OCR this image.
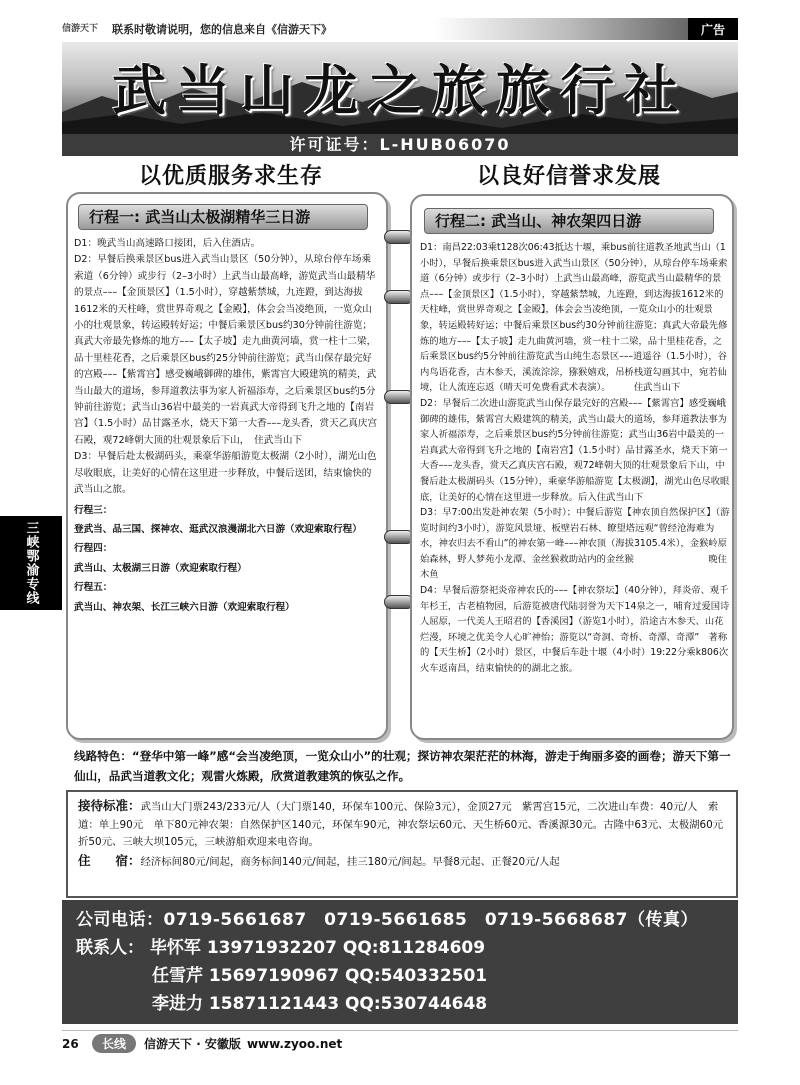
信游天下	联系时敬请说明，您的信息来自《信游天下》	广告
武当山龙之旅旅行社
许可证号：L-HUB06070
以优质服务求生存	以良好信誉求发展
三峡鄂渝专线
行程一: 武当山太极湖精华三日游

D1：晚武当山高速路口接团，后入住酒店。

D2：早餐后换乘景区bus进入武当山景区（50分钟），从琼台停车场乘索道（6分钟）或步行（2–3小时）上武当山最高峰，游览武当山最精华的景点–––【金顶景区】（1.5小时），穿越紫禁城，九连蹬，到达海拔1612米的天柱峰，赏世界奇观之【金殿】，体会会当凌绝顶，一览众山小的壮观景象，转运殿转好运；中餐后乘景区bus约30分钟前往游览；真武大帝最先修炼的地方–––【太子坡】走九曲黄河墙，赏一柱十二梁，品十里桂花香，之后乘景区bus约25分钟前往游览；武当山保存最完好的宫殿–––【紫霄宫】感受巍峨御碑的雄伟，紫霄宫大殿建筑的精美，武当山最大的道场，参拜道教法事为家人祈福添寿，之后乘景区bus约5分钟前往游览；武当山36岩中最美的一岩真武大帝得到飞升之地的【南岩宫】（1.5小时）品甘露圣水，烧天下第一大香–––龙头香，赏天乙真庆宫石殿，观72峰朝大顶的壮观景象后下山，　住武当山下

D3：早餐后赴太极湖码头，乘豪华游船游览太极湖（2小时），湖光山色尽收眼底，让美好的心情在这里进一步释放，中餐后送团，结束愉快的武当山之旅。

行程三：

登武当、品三国、探神农、逛武汉浪漫湖北六日游（欢迎索取行程）

行程四：

武当山、太极湖三日游（欢迎索取行程）

行程五：

武当山、神农架、长江三峡六日游（欢迎索取行程）

行程二: 武当山、神农架四日游

D1：南昌22:03乘t128次06:43抵达十堰，乘bus前往道教圣地武当山（1小时），早餐后换乘景区bus进入武当山景区（50分钟），从琼台停车场乘索道（6分钟）或步行（2–3小时）上武当山最高峰，游览武当山最精华的景点–––【金顶景区】（1.5小时），穿越紫禁城，九连蹬，到达海拔1612米的天柱峰，赏世界奇观之【金殿】，体会会当凌绝顶，一览众山小的壮观景象，转运殿转好运；中餐后乘景区bus约30分钟前往游览；真武大帝最先修炼的地方–––【太子坡】走九曲黄河墙，赏一柱十二梁，品十里桂花香，之后乘景区bus约5分钟前往游览武当山纯生态景区–––逍遥谷（1.5小时），谷内鸟语花香，古木参天，溪流淙淙，猕猴嬉戏，吊桥栈道勾画其中，宛若仙境，让人流连忘返（晴天可免费看武术表演）。　　　住武当山下

D2：早餐后二次进山游览武当山保存最完好的宫殿–––【紫霄宫】感受巍峨御碑的雄伟，紫霄宫大殿建筑的精美，武当山最大的道场，参拜道教法事为家人祈福添寿，之后乘景区bus约5分钟前往游览；武当山36岩中最美的一岩真武大帝得到飞升之地的【南岩宫】（1.5小时）品甘露圣水，烧天下第一大香–––龙头香，赏天乙真庆宫石殿，观72峰朝大顶的壮观景象后下山，中餐后赴太极湖码头（15分钟），乘豪华游船游览【太极湖】，湖光山色尽收眼底，让美好的心情在这里进一步释放。后入住武当山下

D3：早7:00出发赴神农架（5小时）；中餐后游览【神农顶自然保护区】（游览时间约3小时），游览风景垭、板壁岩石林、瞭望塔远观“曾经沧海难为水，神农归去不看山”的神农第一峰–––神农顶（海拔3105.4米），金猴岭原始森林，野人梦苑小龙潭、金丝猴救助站内的金丝猴　　　　　　　　晚住木鱼

D4：早餐后游祭祀炎帝神农氏的–––【神农祭坛】（40分钟），拜炎帝、观千年杉王，古老植物园，后游览被唐代陆羽誉为天下14泉之一，哺育过爱国诗人屈原，一代美人王昭君的【香溪园】（游览1小时），沿途古木参天、山花烂漫，环境之优美令人心旷神怡；游览以“奇洞、奇桥、奇潭、奇潭”　著称的【天生桥】（2小时）景区，中餐后车赴十堰（4小时）19:22分乘k806次火车返南昌，结束愉快的的湖北之旅。

线路特色：“登华中第一峰”感“会当凌绝顶，一览众山小”的壮观；探访神农架茫茫的林海，游走于绚丽多姿的画卷；游天下第一仙山，品武当道教文化；观雷火炼殿，欣赏道教建筑的恢弘之作。
接待标准：武当山大门票243/233元/人（大门票140，环保车100元、保险3元），金顶27元　紫霄宫15元，二次进山车费：40元/人　索道：单上90元　单下80元神农架：自然保护区140元，环保车90元，神农祭坛60元、天生桥60元、香溪源30元。古隆中63元、太极湖60元折50元、三峡大坝105元，三峡游船欢迎来电咨询。
住　　宿：经济标间80元/间起，商务标间140元/间起，挂三180元/间起。早餐8元起、正餐20元/人起
公司电话：0719-5661687　0719-5661685　0719-5668687（传真）
联系人： 毕怀军 13971932207 QQ:811284609
任雪芹 15697190967 QQ:540332501
李进力 15871121443 QQ:530744648
26	长线	信游天下 · 安徽版 www.zyoo.net
